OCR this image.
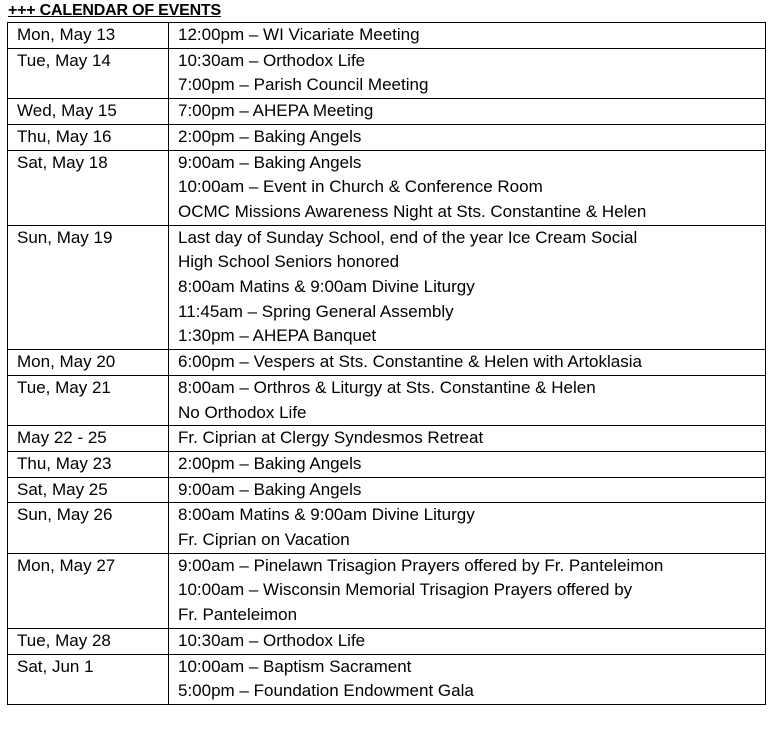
+++ CALENDAR OF EVENTS
Mon, May 13	12:00pm – WI Vicariate Meeting

Tue, May 14	10:30am – Orthodox Life
7:00pm – Parish Council Meeting

Wed, May 15	7:00pm – AHEPA Meeting

Thu, May 16	2:00pm – Baking Angels

Sat, May 18	9:00am – Baking Angels
10:00am – Event in Church & Conference Room
OCMC Missions Awareness Night at Sts. Constantine & Helen

Sun, May 19	Last day of Sunday School, end of the year Ice Cream Social
High School Seniors honored
8:00am Matins & 9:00am Divine Liturgy
11:45am – Spring General Assembly
1:30pm – AHEPA Banquet

Mon, May 20	6:00pm – Vespers at Sts. Constantine & Helen with Artoklasia

Tue, May 21	8:00am – Orthros & Liturgy at Sts. Constantine & Helen
No Orthodox Life

May 22 - 25	Fr. Ciprian at Clergy Syndesmos Retreat

Thu, May 23	2:00pm – Baking Angels

Sat, May 25	9:00am – Baking Angels

Sun, May 26	8:00am Matins & 9:00am Divine Liturgy
Fr. Ciprian on Vacation

Mon, May 27	9:00am – Pinelawn Trisagion Prayers offered by Fr. Panteleimon
10:00am – Wisconsin Memorial Trisagion Prayers offered by
Fr. Panteleimon

Tue, May 28	10:30am – Orthodox Life

Sat, Jun 1	10:00am – Baptism Sacrament
5:00pm – Foundation Endowment Gala
